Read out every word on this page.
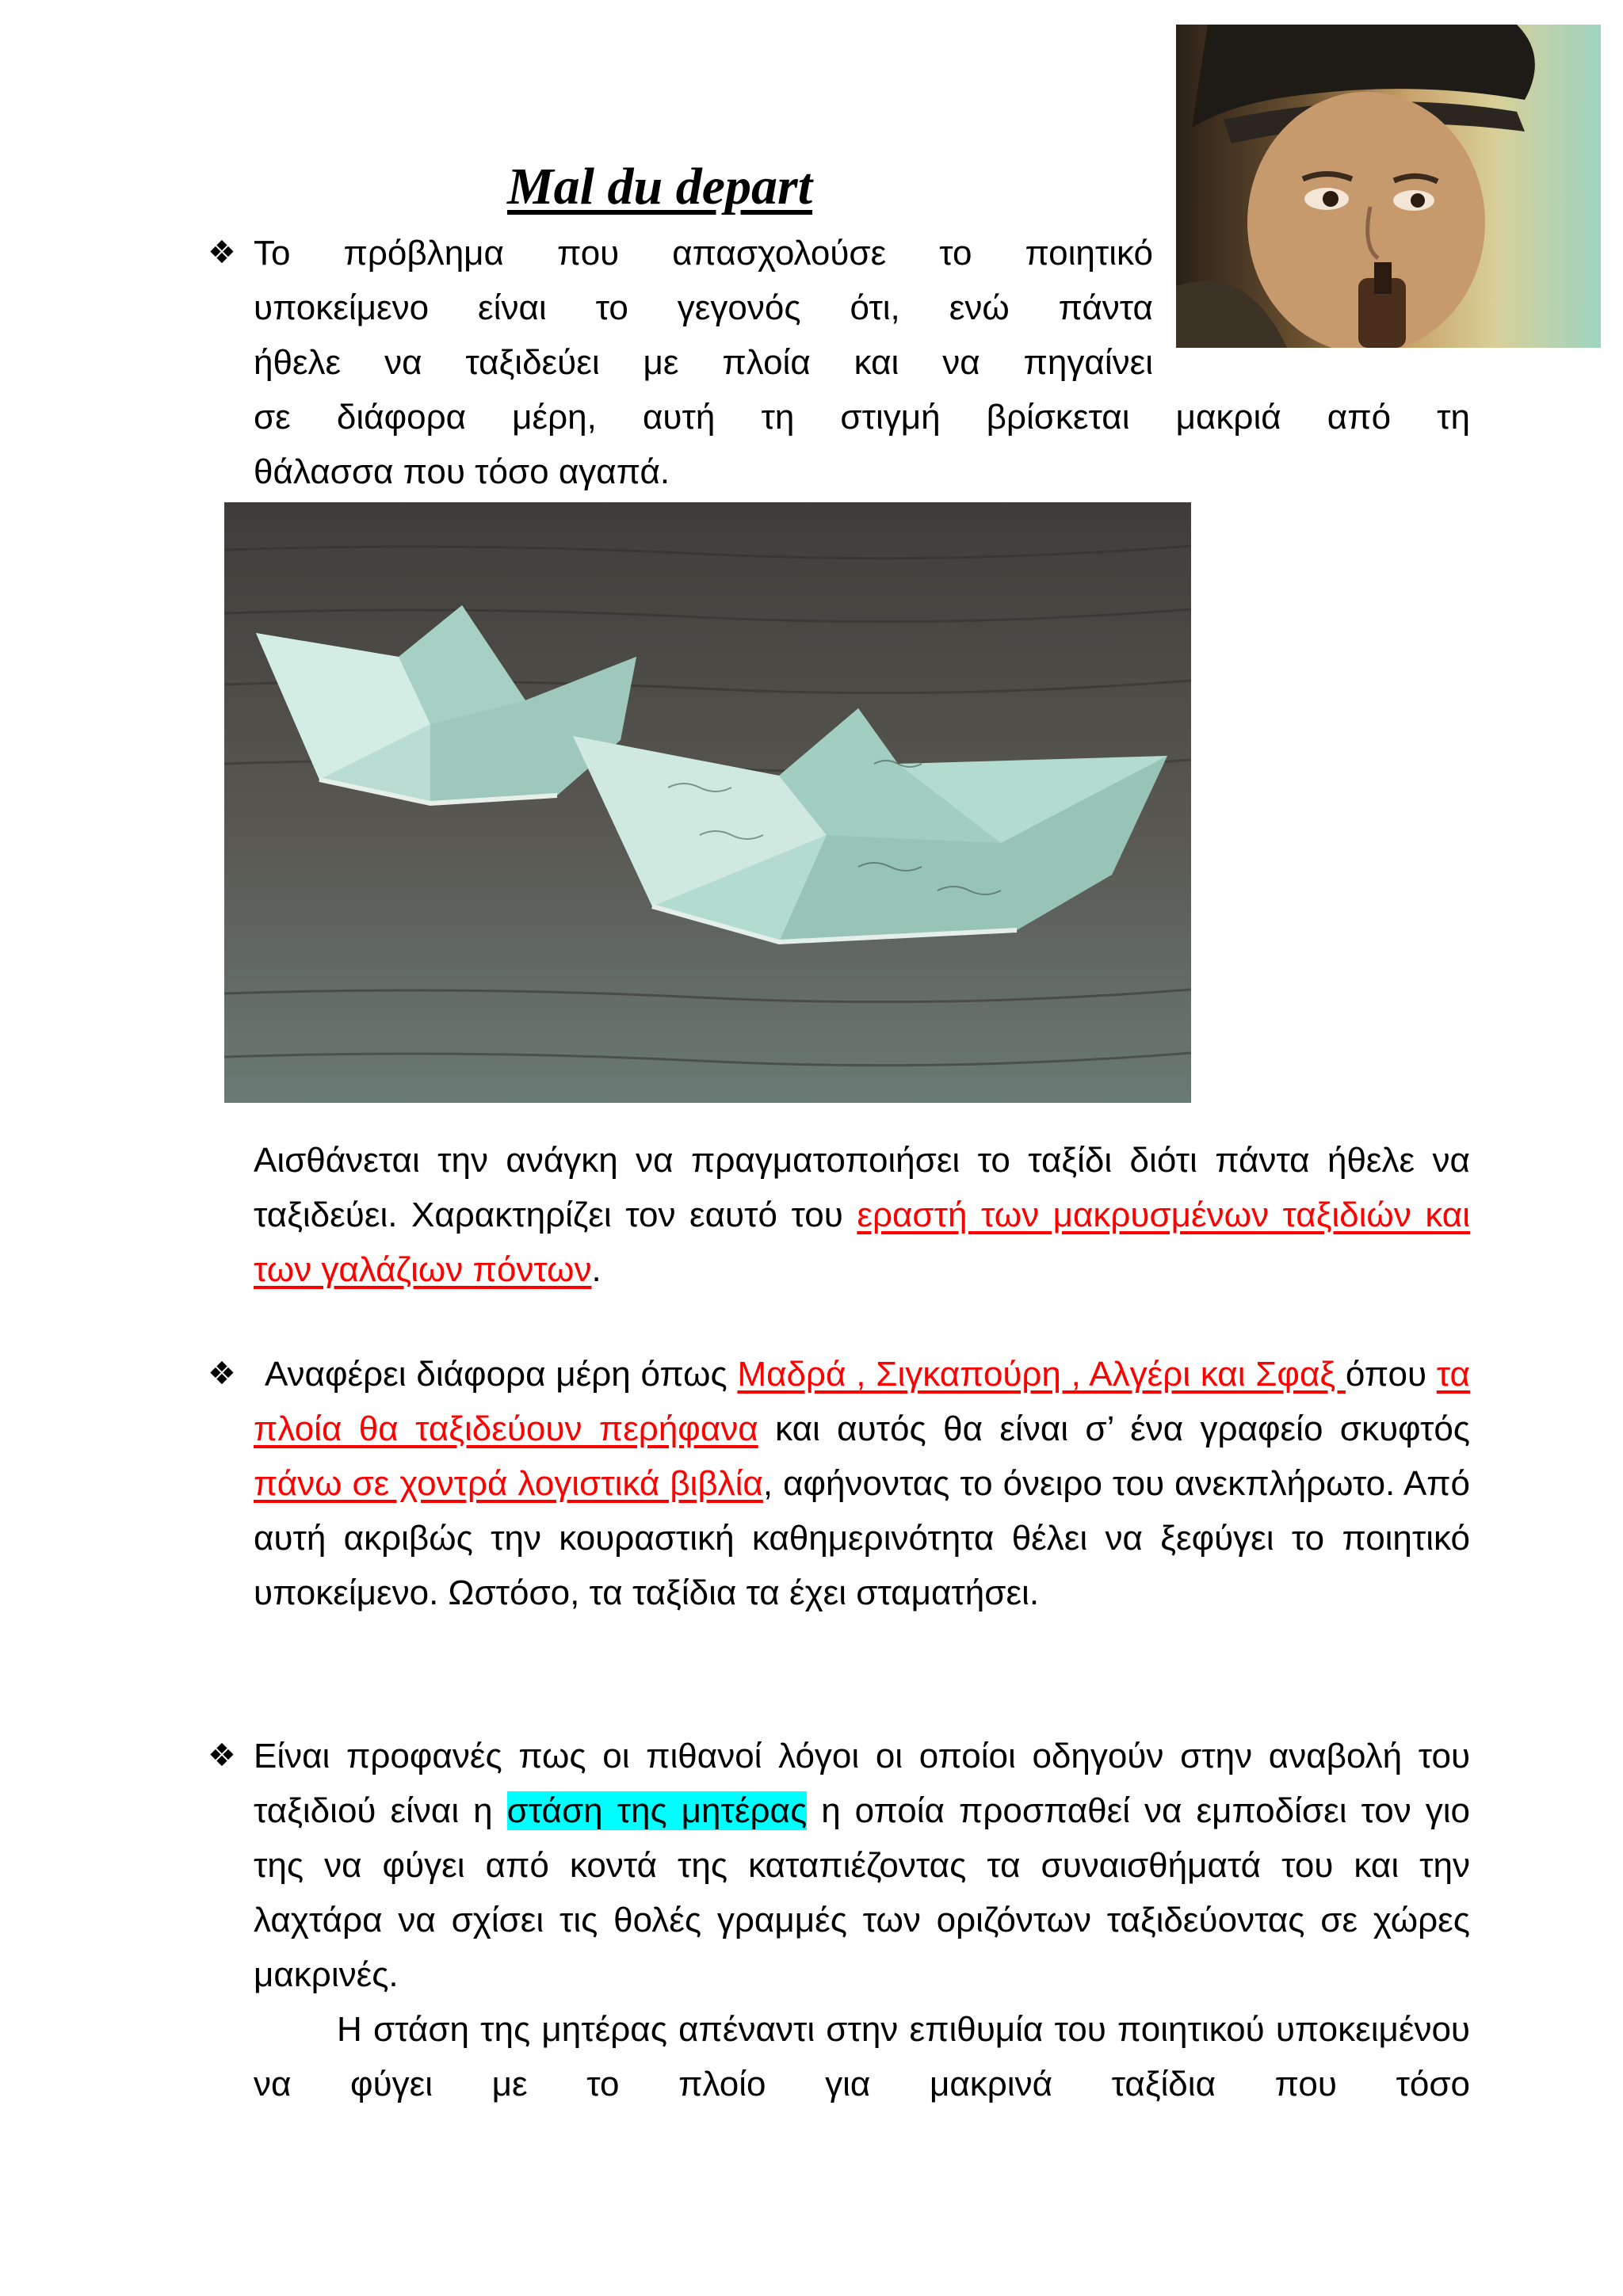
Mal du depart
❖ Το πρόβλημα που απασχολούσε το ποιητικό

υποκείμενο είναι το γεγονός ότι, ενώ πάντα

ήθελε να ταξιδεύει με πλοία και να πηγαίνει

σε διάφορα μέρη, αυτή τη στιγμή βρίσκεται μακριά από τη

θάλασσα που τόσο αγαπά.

Αισθάνεται την ανάγκη να πραγματοποιήσει το ταξίδι διότι πάντα ήθελε να ταξιδεύει. Χαρακτηρίζει τον εαυτό του εραστή των μακρυσμένων ταξιδιών και των γαλάζιων πόντων.

❖ Αναφέρει διάφορα μέρη όπως Μαδρά , Σιγκαπούρη , Αλγέρι και Σφαξ όπου τα πλοία θα ταξιδεύουν περήφανα και αυτός θα είναι σ’ ένα γραφείο σκυφτός πάνω σε χοντρά λογιστικά βιβλία, αφήνοντας το όνειρο του ανεκπλήρωτο. Από αυτή ακριβώς την κουραστική καθημερινότητα θέλει να ξεφύγει το ποιητικό υποκείμενο. Ωστόσο, τα ταξίδια τα έχει σταματήσει.

❖ Είναι προφανές πως οι πιθανοί λόγοι οι οποίοι οδηγούν στην αναβολή του ταξιδιού είναι η στάση της μητέρας η οποία προσπαθεί να εμποδίσει τον γιο της να φύγει από κοντά της καταπιέζοντας τα συναισθήματά του και την λαχτάρα να σχίσει τις θολές γραμμές των οριζόντων ταξιδεύοντας σε χώρες μακρινές.

Η στάση της μητέρας απέναντι στην επιθυμία του ποιητικού υποκειμένου να φύγει με το πλοίο για μακρινά ταξίδια που τόσο
